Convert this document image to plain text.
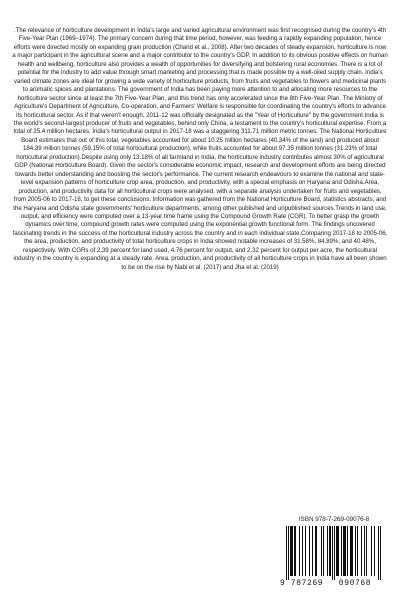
.The relevance of horticulture development in India's large and varied agricultural environment was first recognised during the country's 4th Five-Year Plan (1969–1974). The primary concern during that time period, however, was feeding a rapidly expanding population, hence efforts were directed mostly on expanding grain production (Chand et al., 2008). After two decades of steady expansion, horticulture is now a major participant in the agricultural scene and a major contributor to the country's GDP. In addition to its obvious positive effects on human health and wellbeing, horticulture also provides a wealth of opportunities for diversifying and bolstering rural economies. There is a lot of potential for the industry to add value through smart marketing and processing that is made possible by a well-oiled supply chain. India's varied climate zones are ideal for growing a wide variety of horticulture products, from fruits and vegetables to flowers and medicinal plants to aromatic spices and plantations. The government of India has been paying more attention to and allocating more resources to the horticulture sector since at least the 7th Five-Year Plan, and this trend has only accelerated since the 8th Five-Year Plan. The Ministry of Agriculture's Department of Agriculture, Co-operation, and Farmers' Welfare is responsible for coordinating the country's efforts to advance its horticultural sector. As if that weren't enough, 2011-12 was officially designated as the "Year of Horticulture" by the government.India is the world's second-largest producer of fruits and vegetables, behind only China, a testament to the country's horticultural expertise. From a total of 25.4 million hectares, India's horticultural output in 2017-18 was a staggering 311.71 million metric tonnes. The National Horticulture Board estimates that out of this total, vegetables accounted for about 10.25 million hectares (40.34% of the land) and produced about 184.39 million tonnes (59.15% of total horticultural production), while fruits accounted for about 97.35 million tonnes (31.23% of total horticultural production).Despite using only 13.18% of all farmland in India, the horticulture industry contributes almost 30% of agricultural GDP (National Horticulture Board). Given the sector's considerable economic impact, research and development efforts are being directed towards better understanding and boosting the sector's performance. The current research endeavours to examine the national and state-level expansion patterns of horticulture crop area, production, and productivity, with a special emphasis on Haryana and Odisha.Area, production, and productivity data for all horticultural crops were analysed, with a separate analysis undertaken for fruits and vegetables, from 2005-06 to 2017-18, to get these conclusions. Information was gathered from the National Horticulture Board, statistics abstracts, and the Haryana and Odisha state governments' horticulture departments, among other published and unpublished sources.Trends in land use, output, and efficiency were computed over a 13-year time frame using the Compound Growth Rate (CGR). To better grasp the growth dynamics over time, compound growth rates were computed using the exponential growth functional form. The findings uncovered fascinating trends in the success of the horticultural industry across the country and in each individual state.Comparing 2017-18 to 2005-06, the area, production, and productivity of total horticulture crops in India showed notable increases of 31.58%, 84.89%, and 40.48%, respectively. With CGRs of 2.39 percent for land used, 4.76 percent for output, and 2.32 percent for output per acre, the horticultural industry in the country is expanding at a steady rate. Area, production, and productivity of all horticulture crops in India have all been shown to be on the rise by Nabi et al. (2017) and Jha et al. (2019)

ISBN 978-7-269-09076-8
9 787269 090768
